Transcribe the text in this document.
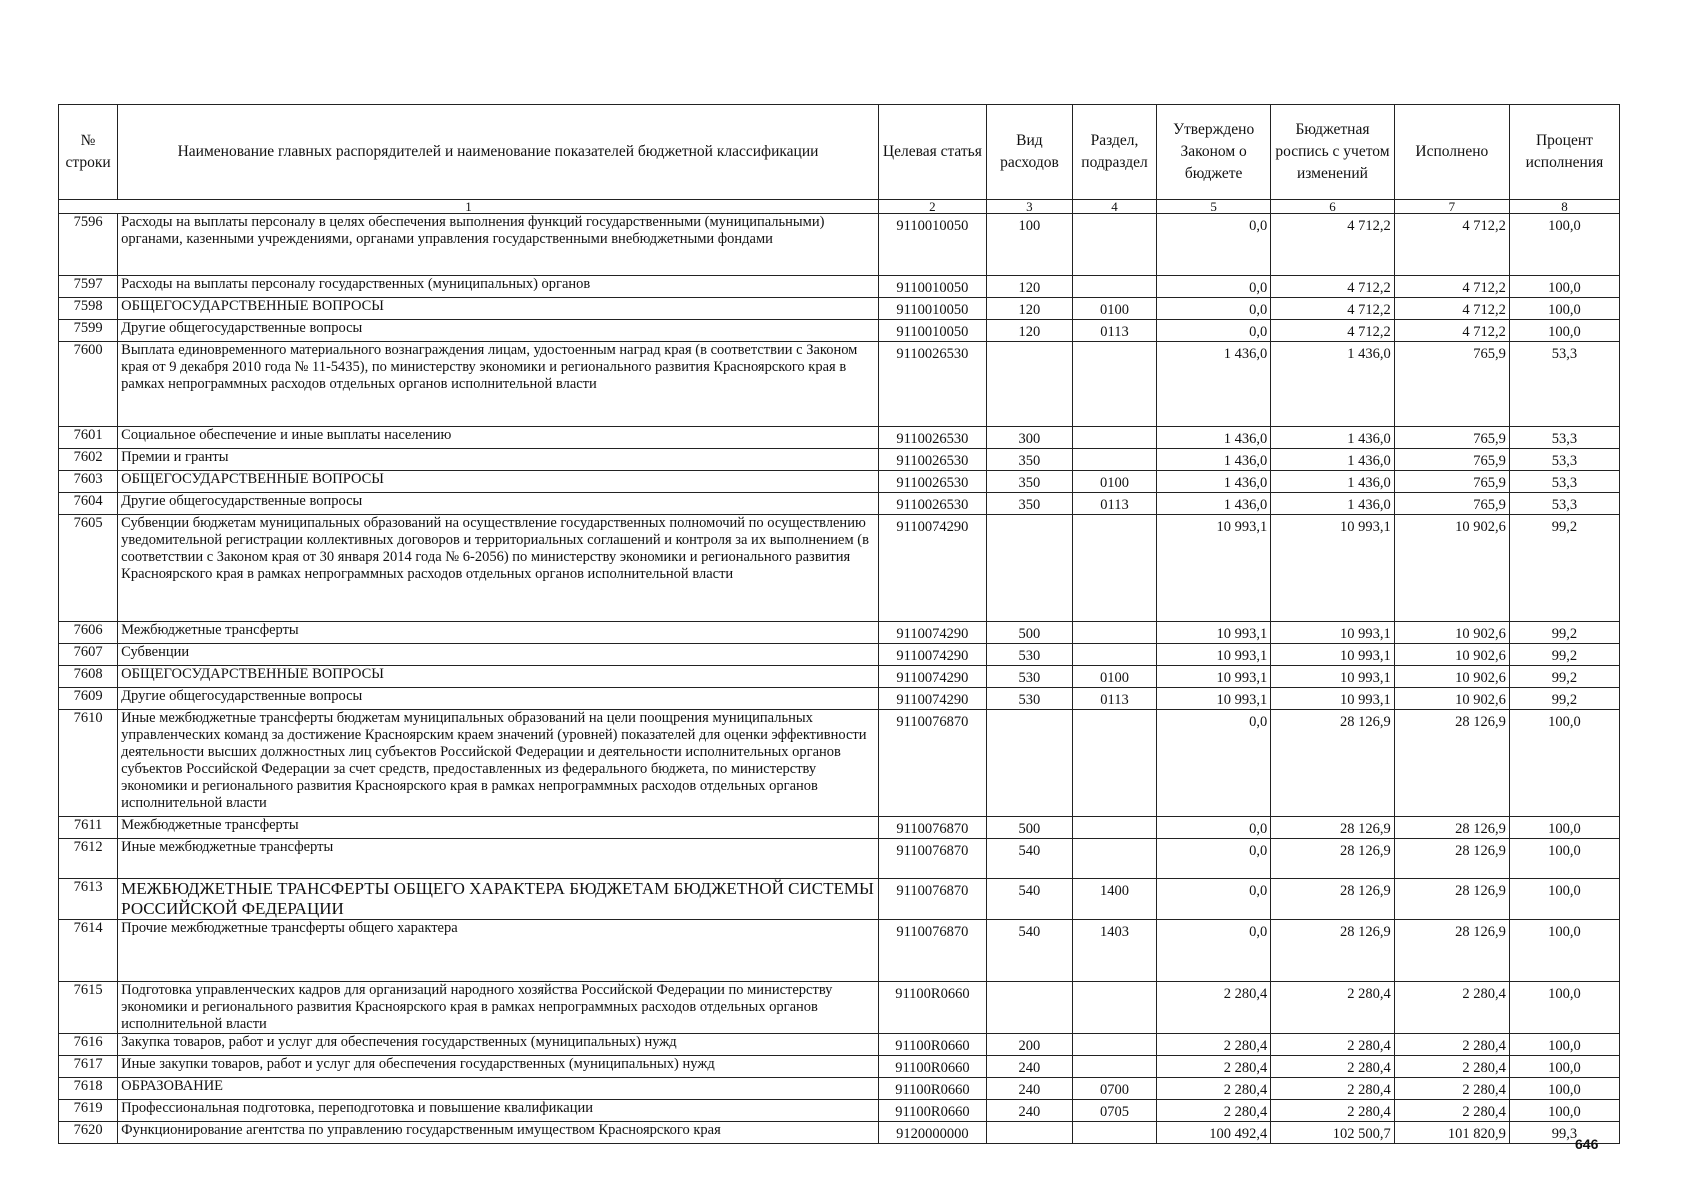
№ строки	Наименование главных распорядителей и наименование показателей бюджетной классификации	Целевая статья	Вид расходов	Раздел, подраздел	Утверждено Законом о бюджете	Бюджетная роспись с учетом изменений	Исполнено	Процент исполнения
1		2	3	4	5	6	7	8
7596	Расходы на выплаты персоналу в целях обеспечения выполнения функций государственными (муниципальными) органами, казенными учреждениями, органами управления государственными внебюджетными фондами	9110010050	100		0,0	4 712,2	4 712,2	100,0
7597	Расходы на выплаты персоналу государственных (муниципальных) органов	9110010050	120		0,0	4 712,2	4 712,2	100,0
7598	ОБЩЕГОСУДАРСТВЕННЫЕ ВОПРОСЫ	9110010050	120	0100	0,0	4 712,2	4 712,2	100,0
7599	Другие общегосударственные вопросы	9110010050	120	0113	0,0	4 712,2	4 712,2	100,0
7600	Выплата единовременного материального вознаграждения лицам, удостоенным наград края (в соответствии с Законом края от 9 декабря 2010 года № 11-5435), по министерству экономики и регионального развития Красноярского края в рамках непрограммных расходов отдельных органов исполнительной власти	9110026530			1 436,0	1 436,0	765,9	53,3
7601	Социальное обеспечение и иные выплаты населению	9110026530	300		1 436,0	1 436,0	765,9	53,3
7602	Премии и гранты	9110026530	350		1 436,0	1 436,0	765,9	53,3
7603	ОБЩЕГОСУДАРСТВЕННЫЕ ВОПРОСЫ	9110026530	350	0100	1 436,0	1 436,0	765,9	53,3
7604	Другие общегосударственные вопросы	9110026530	350	0113	1 436,0	1 436,0	765,9	53,3
7605	Субвенции бюджетам муниципальных образований на осуществление государственных полномочий по осуществлению уведомительной регистрации коллективных договоров и территориальных соглашений и контроля за их выполнением (в соответствии с Законом края от 30 января 2014 года № 6-2056) по министерству экономики и регионального развития Красноярского края в рамках непрограммных расходов отдельных органов исполнительной власти	9110074290			10 993,1	10 993,1	10 902,6	99,2
7606	Межбюджетные трансферты	9110074290	500		10 993,1	10 993,1	10 902,6	99,2
7607	Субвенции	9110074290	530		10 993,1	10 993,1	10 902,6	99,2
7608	ОБЩЕГОСУДАРСТВЕННЫЕ ВОПРОСЫ	9110074290	530	0100	10 993,1	10 993,1	10 902,6	99,2
7609	Другие общегосударственные вопросы	9110074290	530	0113	10 993,1	10 993,1	10 902,6	99,2
7610	Иные межбюджетные трансферты бюджетам муниципальных образований на цели поощрения муниципальных управленческих команд за достижение Красноярским краем значений (уровней) показателей для оценки эффективности деятельности высших должностных лиц субъектов Российской Федерации и деятельности исполнительных органов субъектов Российской Федерации за счет средств, предоставленных из федерального бюджета, по министерству экономики и регионального развития Красноярского края в рамках непрограммных расходов отдельных органов исполнительной власти	9110076870			0,0	28 126,9	28 126,9	100,0
7611	Межбюджетные трансферты	9110076870	500		0,0	28 126,9	28 126,9	100,0
7612	Иные межбюджетные трансферты	9110076870	540		0,0	28 126,9	28 126,9	100,0
7613	МЕЖБЮДЖЕТНЫЕ ТРАНСФЕРТЫ ОБЩЕГО ХАРАКТЕРА БЮДЖЕТАМ БЮДЖЕТНОЙ СИСТЕМЫ РОССИЙСКОЙ ФЕДЕРАЦИИ	9110076870	540	1400	0,0	28 126,9	28 126,9	100,0
7614	Прочие межбюджетные трансферты общего характера	9110076870	540	1403	0,0	28 126,9	28 126,9	100,0
7615	Подготовка управленческих кадров для организаций народного хозяйства Российской Федерации по министерству экономики и регионального развития Красноярского края в рамках непрограммных расходов отдельных органов исполнительной власти	91100R0660			2 280,4	2 280,4	2 280,4	100,0
7616	Закупка товаров, работ и услуг для обеспечения государственных (муниципальных) нужд	91100R0660	200		2 280,4	2 280,4	2 280,4	100,0
7617	Иные закупки товаров, работ и услуг для обеспечения государственных (муниципальных) нужд	91100R0660	240		2 280,4	2 280,4	2 280,4	100,0
7618	ОБРАЗОВАНИЕ	91100R0660	240	0700	2 280,4	2 280,4	2 280,4	100,0
7619	Профессиональная подготовка, переподготовка и повышение квалификации	91100R0660	240	0705	2 280,4	2 280,4	2 280,4	100,0
7620	Функционирование агентства по управлению государственным имуществом Красноярского края	9120000000			100 492,4	102 500,7	101 820,9	99,3
646
